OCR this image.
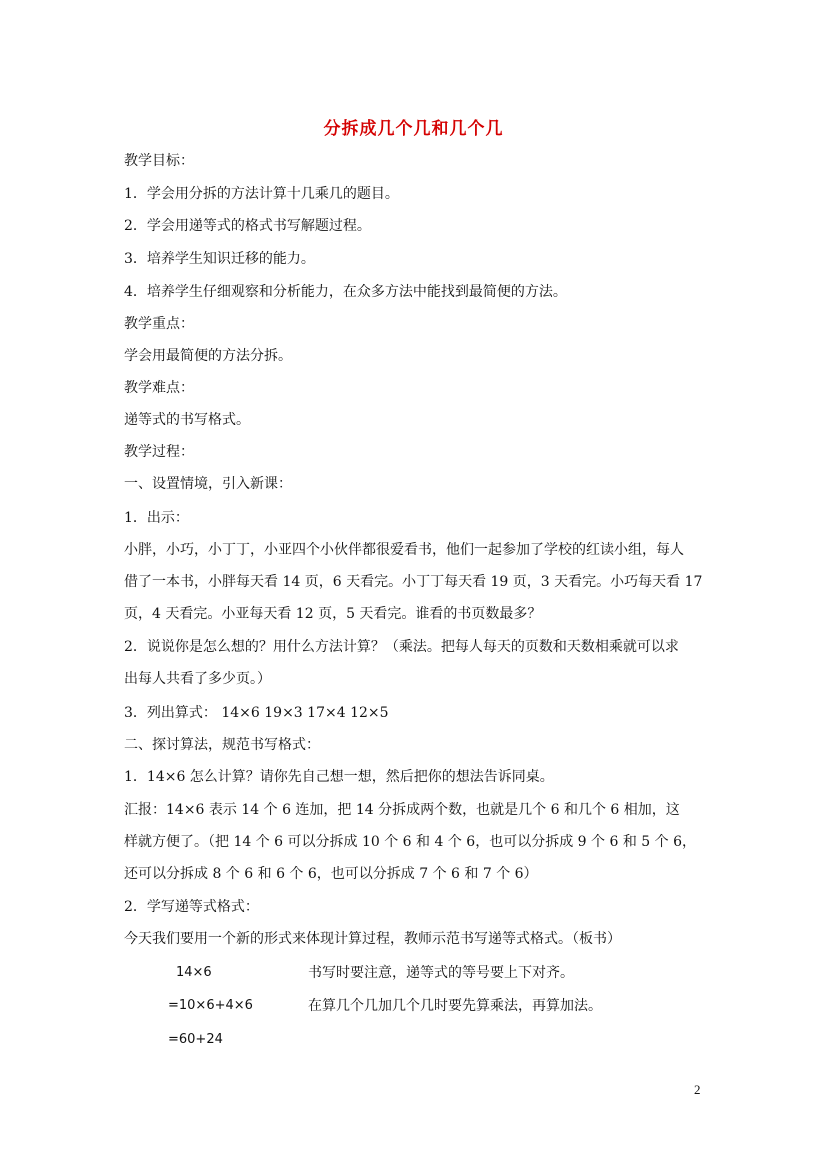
分拆成几个几和几个几
教学目标：
1．学会用分拆的方法计算十几乘几的题目。
2．学会用递等式的格式书写解题过程。
3．培养学生知识迁移的能力。
4．培养学生仔细观察和分析能力，在众多方法中能找到最简便的方法。
教学重点：
学会用最简便的方法分拆。
教学难点：
递等式的书写格式。
教学过程：
一、设置情境，引入新课：
1．出示：
小胖，小巧，小丁丁，小亚四个小伙伴都很爱看书，他们一起参加了学校的红读小组，每人
借了一本书，小胖每天看 14 页，6 天看完。小丁丁每天看 19 页，3 天看完。小巧每天看 17
页，4 天看完。小亚每天看 12 页，5 天看完。谁看的书页数最多？
2．说说你是怎么想的？用什么方法计算？（乘法。把每人每天的页数和天数相乘就可以求
出每人共看了多少页。）
3．列出算式： 14×6 19×3 17×4 12×5
二、探讨算法，规范书写格式：
1．14×6 怎么计算？请你先自己想一想，然后把你的想法告诉同桌。
汇报：14×6 表示 14 个 6 连加，把 14 分拆成两个数，也就是几个 6 和几个 6 相加，这
样就方便了。（把 14 个 6 可以分拆成 10 个 6 和 4 个 6，也可以分拆成 9 个 6 和 5 个 6，
还可以分拆成 8 个 6 和 6 个 6，也可以分拆成 7 个 6 和 7 个 6）
2．学写递等式格式：
今天我们要用一个新的形式来体现计算过程，教师示范书写递等式格式。（板书）
14×6	书写时要注意，递等式的等号要上下对齐。
=10×6+4×6	在算几个几加几个几时要先算乘法，再算加法。
=60+24
2
